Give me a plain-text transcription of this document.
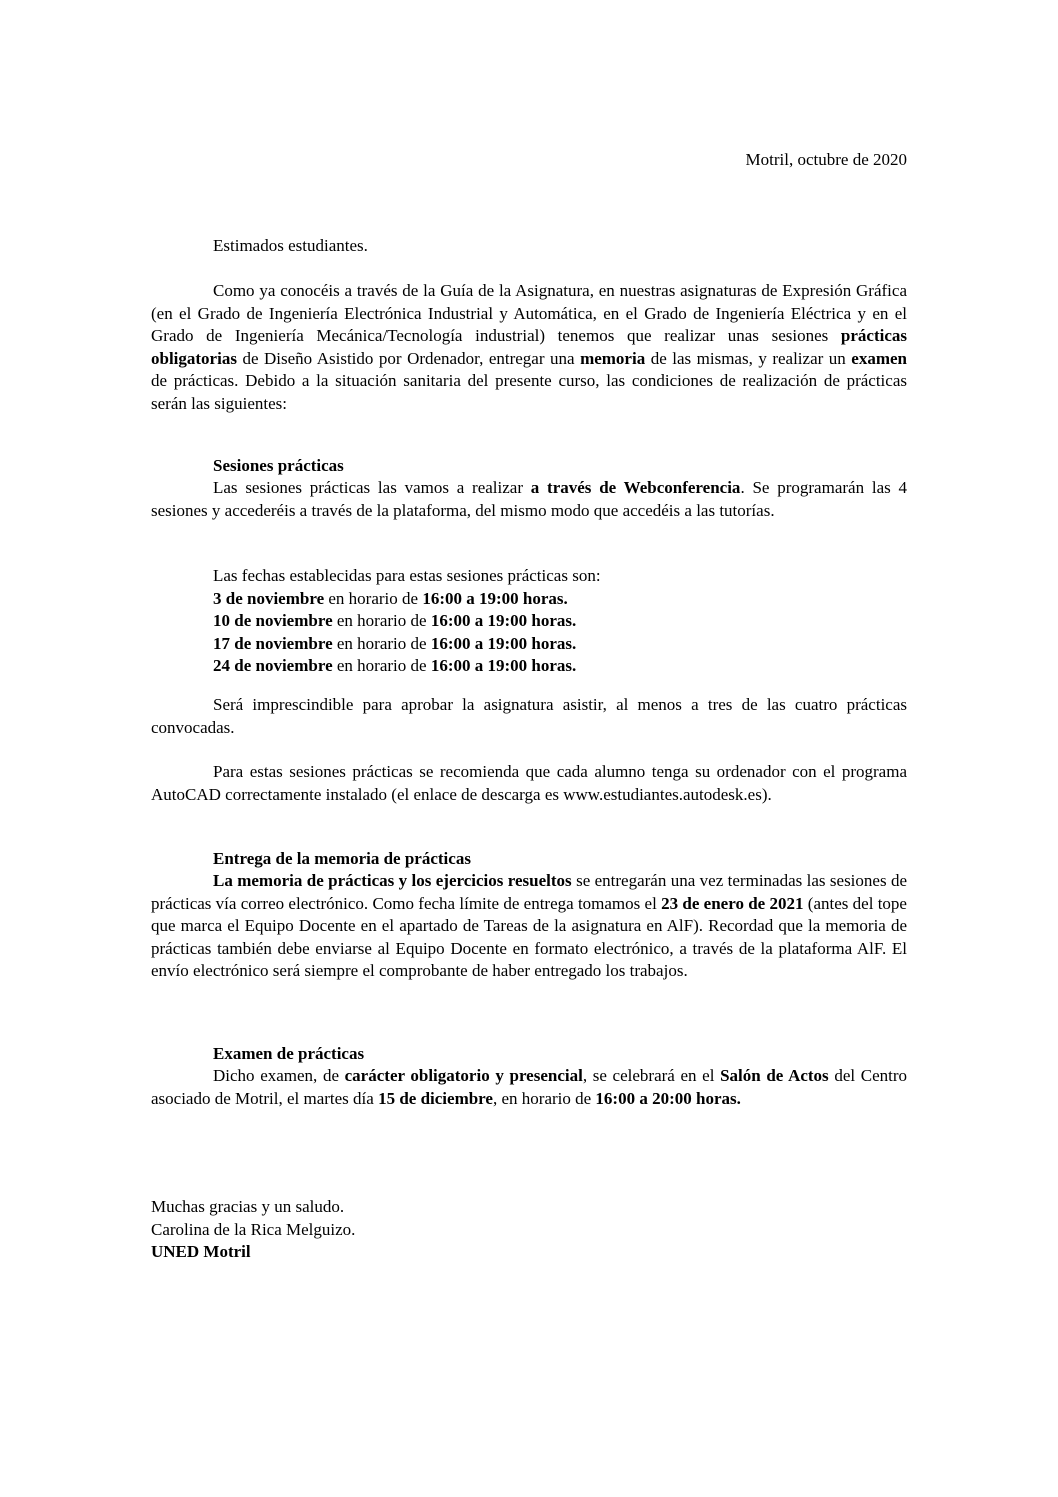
Motril, octubre de 2020
Estimados estudiantes.

Como ya conocéis a través de la Guía de la Asignatura, en nuestras asignaturas de Expresión Gráfica (en el Grado de Ingeniería Electrónica Industrial y Automática, en el Grado de Ingeniería Eléctrica y en el Grado de Ingeniería Mecánica/Tecnología industrial) tenemos que realizar unas sesiones prácticas obligatorias de Diseño Asistido por Ordenador, entregar una memoria de las mismas, y realizar un examen de prácticas. Debido a la situación sanitaria del presente curso, las condiciones de realización de prácticas serán las siguientes:

Sesiones prácticas

Las sesiones prácticas las vamos a realizar a través de Webconferencia. Se programarán las 4 sesiones y accederéis a través de la plataforma, del mismo modo que accedéis a las tutorías.

Las fechas establecidas para estas sesiones prácticas son:
3 de noviembre en horario de 16:00 a 19:00 horas.
10 de noviembre en horario de 16:00 a 19:00 horas.
17 de noviembre en horario de 16:00 a 19:00 horas.
24 de noviembre en horario de 16:00 a 19:00 horas.

Será imprescindible para aprobar la asignatura asistir, al menos a tres de las cuatro prácticas convocadas.

Para estas sesiones prácticas se recomienda que cada alumno tenga su ordenador con el programa AutoCAD correctamente instalado (el enlace de descarga es www.estudiantes.autodesk.es).

Entrega de la memoria de prácticas

La memoria de prácticas y los ejercicios resueltos se entregarán una vez terminadas las sesiones de prácticas vía correo electrónico. Como fecha límite de entrega tomamos el 23 de enero de 2021 (antes del tope que marca el Equipo Docente en el apartado de Tareas de la asignatura en AlF). Recordad que la memoria de prácticas también debe enviarse al Equipo Docente en formato electrónico, a través de la plataforma AlF. El envío electrónico será siempre el comprobante de haber entregado los trabajos.

Examen de prácticas

Dicho examen, de carácter obligatorio y presencial, se celebrará en el Salón de Actos del Centro asociado de Motril, el martes día 15 de diciembre, en horario de 16:00 a 20:00 horas.

Muchas gracias y un saludo.
Carolina de la Rica Melguizo.
UNED Motril
